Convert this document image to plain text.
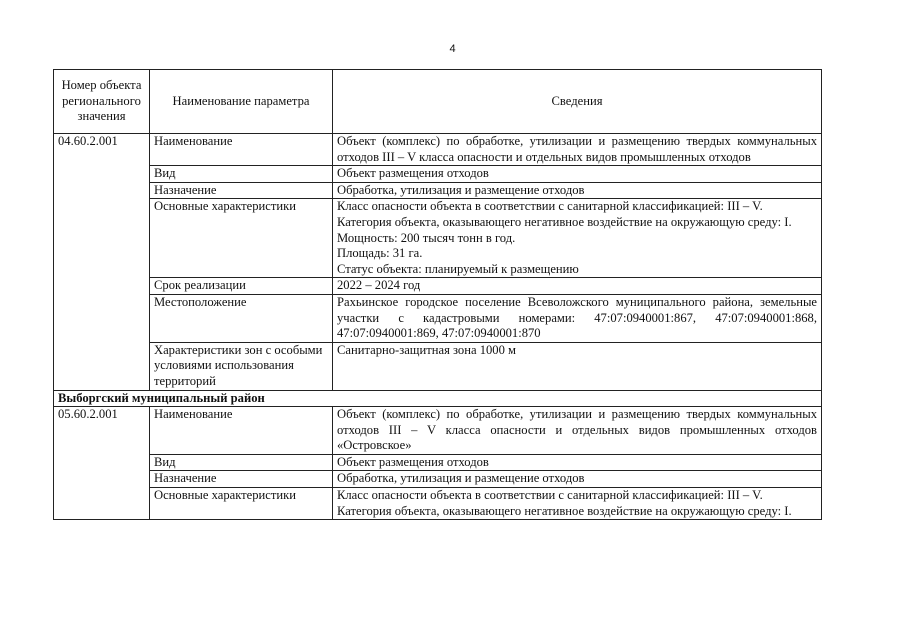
4
Номер объекта регионального значения	Наименование параметра	Сведения
04.60.2.001	Наименование	Объект (комплекс) по обработке, утилизации и размещению твердых коммунальных отходов III – V класса опасности и отдельных видов промышленных отходов

	Вид	Объект размещения отходов

	Назначение	Обработка, утилизация и размещение отходов

	Основные характеристики	Класс опасности объекта в соответствии с санитарной классификацией: III – V.
Категория объекта, оказывающего негативное воздействие на окружающую среду: I.
Мощность: 200 тысяч тонн в год.
Площадь: 31 га.
Статус объекта: планируемый к размещению

	Срок реализации	2022 – 2024 год

	Местоположение	Рахьинское городское поселение Всеволожского муниципального района, земельные участки с кадастровыми номерами: 47:07:0940001:867, 47:07:0940001:868, 47:07:0940001:869, 47:07:0940001:870

	Характеристики зон с особыми условиями использования территорий	Санитарно-защитная зона 1000 м

Выборгский муниципальный район		
05.60.2.001	Наименование	Объект (комплекс) по обработке, утилизации и размещению твердых коммунальных отходов III – V класса опасности и отдельных видов промышленных отходов «Островское»

	Вид	Объект размещения отходов

	Назначение	Обработка, утилизация и размещение отходов

	Основные характеристики	Класс опасности объекта в соответствии с санитарной классификацией: III – V.
Категория объекта, оказывающего негативное воздействие на окружающую среду: I.
